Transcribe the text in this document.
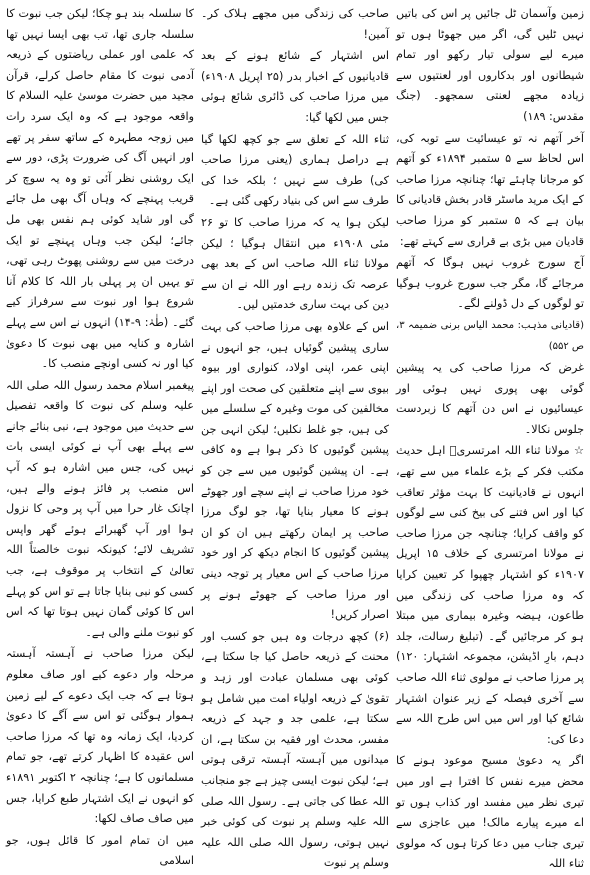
کا سلسلہ بند ہو چکا؛ لیکن جب نبوت کا سلسلہ جاری تھا، تب بھی ایسا نہیں تھا کہ علمی اور عملی ریاضتوں کے ذریعہ آدمی نبوت کا مقام حاصل کرلے، قرآن مجید میں حضرت موسیٰ علیہ السلام کا واقعہ موجود ہے کہ وہ ایک سرد رات میں زوجہ مطہرہ کے ساتھ سفر پر تھے اور انہیں آگ کی ضرورت پڑی، دور سے ایک روشنی نظر آئی تو وہ یہ سوچ کر قریب پہنچے کہ وہاں آگ بھی مل جائے گی اور شاید کوئی ہم نفس بھی مل جائے؛ لیکن جب وہاں پہنچے تو ایک درخت میں سے روشنی پھوٹ رہی تھی، تو یہیں ان پر پہلی بار اللہ کا کلام آنا شروع ہوا اور نبوت سے سرفراز کیے گئے۔ (طٰہٰ: ۹-۱۴) انہوں نے اس سے پہلے اشارہ و کنایہ میں بھی نبوت کا دعویٰ کیا اور نہ کسی اونچے منصب کا۔

پیغمبر اسلام محمد رسول اللہ صلی اللہ علیہ وسلم کی نبوت کا واقعہ تفصیل سے حدیث میں موجود ہے، نبی بنائے جانے سے پہلے بھی آپ نے کوئی ایسی بات نہیں کی، جس میں اشارہ ہو کہ آپ اس منصب پر فائز ہونے والے ہیں، اچانک غار حرا میں آپ پر وحی کا نزول ہوا اور آپ گھبرائے ہوئے گھر واپس تشریف لائے؛ کیونکہ نبوت خالصتاً اللہ تعالیٰ کے انتخاب پر موقوف ہے، جب کسی کو نبی بنایا جاتا ہے تو اس کو پہلے اس کا کوئی گمان نہیں ہوتا تھا کہ اس کو نبوت ملنے والی ہے۔

لیکن مرزا صاحب نے آہستہ آہستہ مرحلہ وار دعوے کیے اور صاف معلوم ہوتا ہے کہ جب ایک دعوے کے لیے زمین ہموار ہوگئی تو اس سے آگے کا دعویٰ کردیا، ایک زمانہ وہ تھا کہ مرزا صاحب اس عقیدہ کا اظہار کرتے تھے، جو تمام مسلمانوں کا ہے؛ چنانچہ ۲ اکتوبر ۱۸۹۱ء کو انہوں نے ایک اشتہار طبع کرایا، جس میں صاف صاف لکھا:

میں ان تمام امور کا قائل ہوں، جو اسلامی

صاحب کی زندگی میں مجھے ہلاک کر۔ آمین!

اس اشتہار کے شائع ہونے کے بعد قادیانیوں کے اخبار بدر (۲۵ اپریل ۱۹۰۸ء) میں مرزا صاحب کی ڈائری شائع ہوئی جس میں لکھا گیا:

ثناء اللہ کے تعلق سے جو کچھ لکھا گیا ہے دراصل ہماری (یعنی مرزا صاحب کی) طرف سے نہیں ؛ بلکہ خدا کی طرف سے اس کی بنیاد رکھی گئی ہے۔

لیکن ہوا یہ کہ مرزا صاحب کا تو ۲۶ مئی ۱۹۰۸ء میں انتقال ہوگیا ؛ لیکن مولانا ثناء اللہ صاحب اس کے بعد بھی عرصہ تک زندہ رہے اور اللہ نے ان سے دین کی بہت ساری خدمتیں لیں۔

اس کے علاوہ بھی مرزا صاحب کی بہت ساری پیشین گوئیاں ہیں، جو انہوں نے اپنی عمر، اپنی اولاد، کنواری اور بیوہ بیوی سے اپنے متعلقین کی صحت اور اپنے مخالفین کی موت وغیرہ کے سلسلے میں کی ہیں، جو غلط نکلیں؛ لیکن انہی جن پیشین گوئیوں کا ذکر ہوا ہے وہ کافی ہے۔ ان پیشین گوئیوں میں سے جن کو خود مرزا صاحب نے اپنے سچے اور جھوٹے ہونے کا معیار بنایا تھا، جو لوگ مرزا صاحب پر ایمان رکھتے ہیں ان کو ان پیشین گوئیوں کا انجام دیکھ کر اور خود مرزا صاحب کے اس معیار پر توجہ دینی اور مرزا صاحب کے جھوٹے ہونے پر اصرار کریں!

(۶) کچھ درجات وہ ہیں جو کسب اور محنت کے ذریعہ حاصل کیا جا سکتا ہے، کوئی بھی مسلمان عبادت اور زہد و تقویٰ کے ذریعہ اولیاء امت میں شامل ہو سکتا ہے، علمی جد و جہد کے ذریعہ مفسر، محدث اور فقیہ بن سکتا ہے، ان میدانوں میں آہستہ آہستہ ترقی ہوتی ہے؛ لیکن نبوت ایسی چیز ہے جو منجانب اللہ عطا کی جاتی ہے۔ رسول اللہ صلی اللہ علیہ وسلم پر نبوت کی کوئی خبر نہیں ہوتی، رسول اللہ صلی اللہ علیہ وسلم پر نبوت

زمین وآسمان ٹل جائیں پر اس کی باتیں نہیں ٹلیں گی، اگر میں جھوٹا ہوں تو میرے لیے سولی تیار رکھو اور تمام شیطانوں اور بدکاروں اور لعنتیوں سے زیادہ مجھے لعنتی سمجھو۔ (جنگ مقدس: ۱۸۹)

آخر آتھم نہ تو عیسائیت سے توبہ کی، اس لحاظ سے ۵ ستمبر ۱۸۹۴ء کو آتھم کو مرجانا چاہئے تھا؛ چنانچہ مرزا صاحب کے ایک مرید ماسٹر قادر بخش قادیانی کا بیان ہے کہ ۵ ستمبر کو مرزا صاحب قادیان میں بڑی بے قراری سے کہتے تھے:

آج سورج غروب نہیں ہوگا کہ آتھم مرجائے گا، مگر جب سورج غروب ہوگیا تو لوگوں کے دل ڈولنے لگے۔

(قادیانی مذہب: محمد الیاس برنی ضمیمہ ۳، ص ۵۵۲)

غرض کہ مرزا صاحب کی یہ پیشین گوئی بھی پوری نہیں ہوئی اور عیسائیوں نے اس دن آتھم کا زبردست جلوس نکالا۔

☆ مولانا ثناء اللہ امرتسریؒ اہل حدیث مکتب فکر کے بڑے علماء میں سے تھے، انہوں نے قادیانیت کا بہت مؤثر تعاقب کیا اور اس فتنے کی بیخ کنی سے لوگوں کو واقف کرایا؛ چنانچہ جن مرزا صاحب نے مولانا امرتسری کے خلاف ۱۵ اپریل ۱۹۰۷ء کو اشتہار چھپوا کر تعیین کرایا کہ وہ مرزا صاحب کی زندگی میں طاعون، ہیضہ وغیرہ بیماری میں مبتلا ہو کر مرجائیں گے۔ (تبلیغ رسالت، جلد دہم، بارِ اڈیشن، مجموعہ اشتہار: ۱۲۰) پر مرزا صاحب نے مولوی ثناء اللہ صاحب سے آخری فیصلہ کے زیر عنوان اشتہار شائع کیا اور اس میں اس طرح اللہ سے دعا کی:

اگر یہ دعویٰ مسیح موعود ہونے کا محض میرے نفس کا افترا ہے اور میں تیری نظر میں مفسد اور کذاب ہوں تو اے میرے پیارے مالک! میں عاجزی سے تیری جناب میں دعا کرتا ہوں کہ مولوی ثناء اللہ
